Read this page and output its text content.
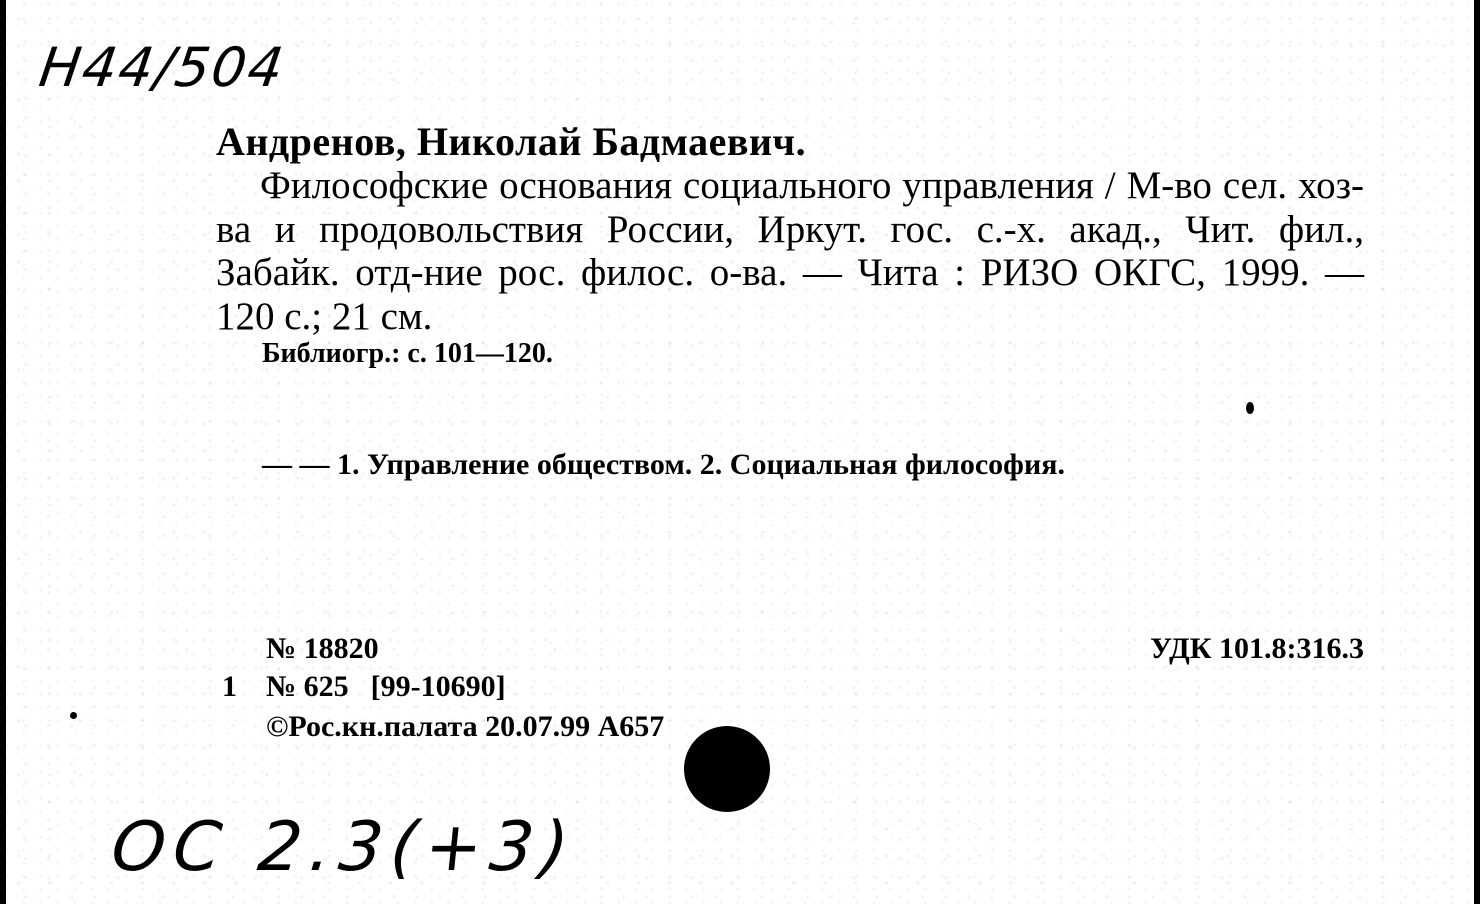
Н44/504
Андренов, Николай Бадмаевич.
Философские основания социального управления / М-во сел. хоз-ва и продовольствия России, Иркут. гос. с.-х. акад., Чит. фил., Забайк. отд-ние рос. филос. о-ва. — Чита : РИЗО ОКГС, 1999. — 120 с.; 21 см.
Библиогр.: с. 101—120.
— — 1. Управление обществом. 2. Социальная философия.
№ 18820	УДК 101.8:316.3
1 № 625 [99-10690]
©Рос.кн.палата 20.07.99 А657
ОС 2.3(+3)
